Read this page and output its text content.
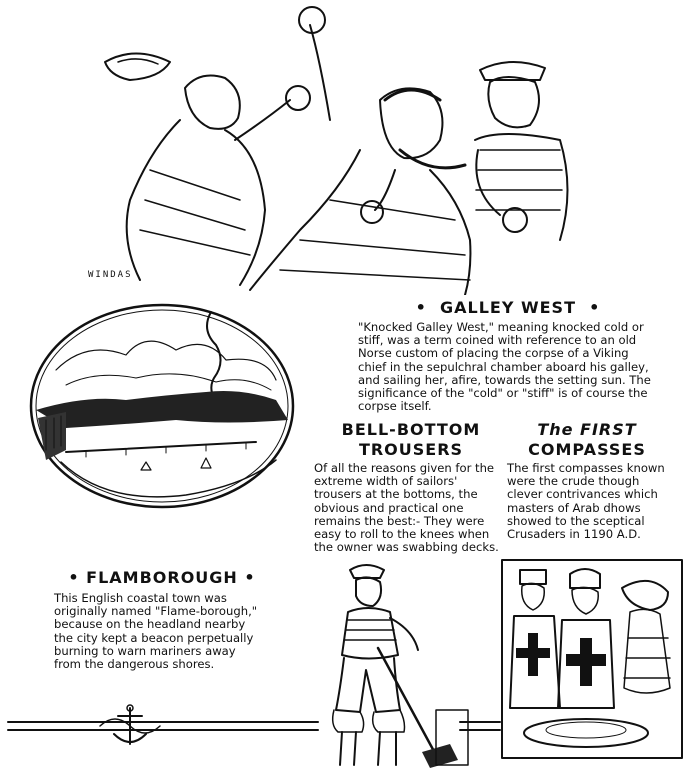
WINDAS
•  GALLEY WEST  •
"Knocked Galley West," meaning knocked cold or stiff, was a term coined with reference to an old Norse custom of placing the corpse of a Viking chief in the sepulchral chamber aboard his galley, and sailing her, afire, towards the setting sun. The significance of the "cold" or "stiff" is of course the corpse itself.
BELL-BOTTOM
TROUSERS
Of all the reasons given for the extreme width of sailors' trousers at the bottoms, the obvious and practical one remains the best:- They were easy to roll to the knees when the owner was swabbing decks.
The FIRST
COMPASSES
The first compasses known were the crude though clever contrivances which masters of Arab dhows showed to the sceptical Crusaders in 1190 A.D.
• FLAMBOROUGH •
This English coastal town was originally named "Flame-borough," because on the headland nearby the city kept a beacon perpetually burning to warn mariners away from the dangerous shores.
